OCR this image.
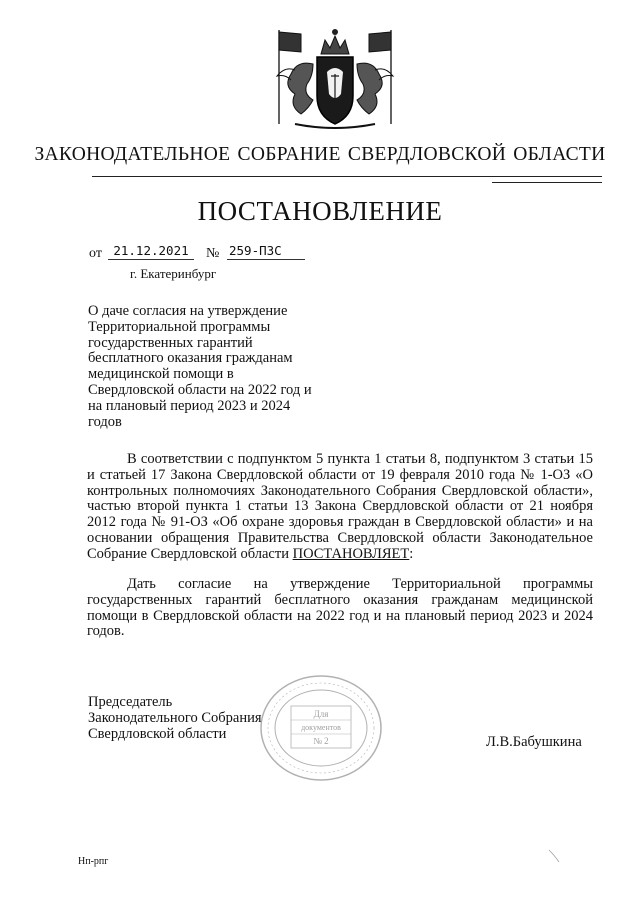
ЗАКОНОДАТЕЛЬНОЕ СОБРАНИЕ СВЕРДЛОВСКОЙ ОБЛАСТИ
ПОСТАНОВЛЕНИЕ
от 21.12.2021	№ 259-ПЗС
г. Екатеринбург
О даче согласия на утверждение Территориальной программы государственных гарантий бесплатного оказания гражданам медицинской помощи в Свердловской области на 2022 год и на плановый период 2023 и 2024 годов
В соответствии с подпунктом 5 пункта 1 статьи 8, подпунктом 3 статьи 15 и статьей 17 Закона Свердловской области от 19 февраля 2010 года № 1-ОЗ «О контрольных полномочиях Законодательного Собрания Свердловской области», частью второй пункта 1 статьи 13 Закона Свердловской области от 21 ноября 2012 года № 91-ОЗ «Об охране здоровья граждан в Свердловской области» и на основании обращения Правительства Свердловской области Законодательное Собрание Свердловской области ПОСТАНОВЛЯЕТ:
Дать согласие на утверждение Территориальной программы государственных гарантий бесплатного оказания гражданам медицинской помощи в Свердловской области на 2022 год и на плановый период 2023 и 2024 годов.
Председатель
Законодательного Собрания
Свердловской области
Для
документов
№ 2	Л.В.Бабушкина
Нп-рпг
